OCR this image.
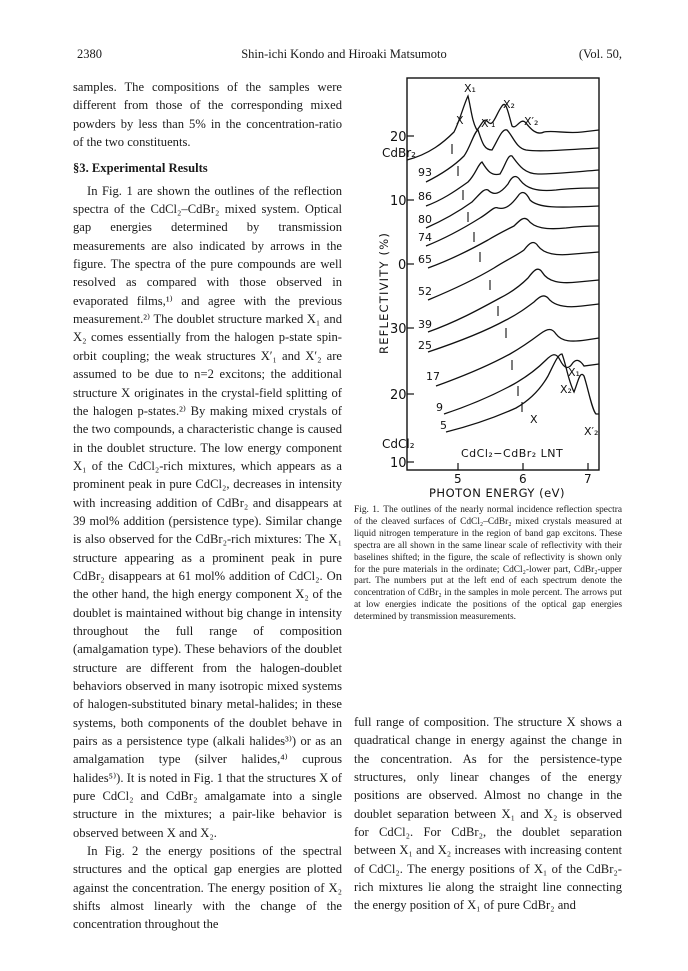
2380	Shin-ichi Kondo and Hiroaki Matsumoto	(Vol. 50,

samples. The compositions of the samples were different from those of the corresponding mixed powders by less than 5% in the concentration-ratio of the two constituents.

§3. Experimental Results

In Fig. 1 are shown the outlines of the reflection spectra of the CdCl₂–CdBr₂ mixed system. Optical gap energies determined by transmission measurements are also indicated by arrows in the figure. The spectra of the pure compounds are well resolved as compared with those observed in evaporated films,¹⁾ and agree with the previous measurement.²⁾ The doublet structure marked X₁ and X₂ comes essentially from the halogen p-state spin-orbit coupling; the weak structures X′₁ and X′₂ are assumed to be due to n=2 excitons; the additional structure X originates in the crystal-field splitting of the halogen p-states.²⁾ By making mixed crystals of the two compounds, a characteristic change is caused in the doublet structure. The low energy component X₁ of the CdCl₂-rich mixtures, which appears as a prominent peak in pure CdCl₂, decreases in intensity with increasing addition of CdBr₂ and disappears at 39 mol% addition (persistence type). Similar change is also observed for the CdBr₂-rich mixtures: The X₁ structure appearing as a prominent peak in pure CdBr₂ disappears at 61 mol% addition of CdCl₂. On the other hand, the high energy component X₂ of the doublet is maintained without big change in intensity throughout the full range of composition (amalgamation type). These behaviors of the doublet structure are different from the halogen-doublet behaviors observed in many isotropic mixed systems of halogen-substituted binary metal-halides; in these systems, both components of the doublet behave in pairs as a persistence type (alkali halides³⁾) or as an amalgamation type (silver halides,⁴⁾ cuprous halides⁵⁾). It is noted in Fig. 1 that the structures X of pure CdCl₂ and CdBr₂ amalgamate into a single structure in the mixtures; a pair-like behavior is observed between X and X₂.

In Fig. 2 the energy positions of the spectral structures and the optical gap energies are plotted against the concentration. The energy position of X₂ shifts almost linearly with the change of the concentration throughout the

20
10
0
30
20
10
5	6	7
PHOTON ENERGY (eV)
REFLECTIVITY (%)
CdBr₂
CdCl₂
CdCl₂−CdBr₂ LNT
93
86
80
74
65
52
39
25
17
9
5
X₁
X₂
X X′₁	X′₂
X₁
X₂
X
X′₂
Fig. 1. The outlines of the nearly normal incidence reflection spectra of the cleaved surfaces of CdCl₂–CdBr₂ mixed crystals measured at liquid nitrogen temperature in the region of band gap excitons. These spectra are all shown in the same linear scale of reflectivity with their baselines shifted; in the figure, the scale of reflectivity is shown only for the pure materials in the ordinate; CdCl₂-lower part, CdBr₂-upper part. The numbers put at the left end of each spectrum denote the concentration of CdBr₂ in the samples in mole percent. The arrows put at low energies indicate the positions of the optical gap energies determined by transmission measurements.

full range of composition. The structure X shows a quadratical change in energy against the change in the concentration. As for the persistence-type structures, only linear changes of the energy positions are observed. Almost no change in the doublet separation between X₁ and X₂ is observed for CdCl₂. For CdBr₂, the doublet separation between X₁ and X₂ increases with increasing content of CdCl₂. The energy positions of X₁ of the CdBr₂-rich mixtures lie along the straight line connecting the energy position of X₁ of pure CdBr₂ and
